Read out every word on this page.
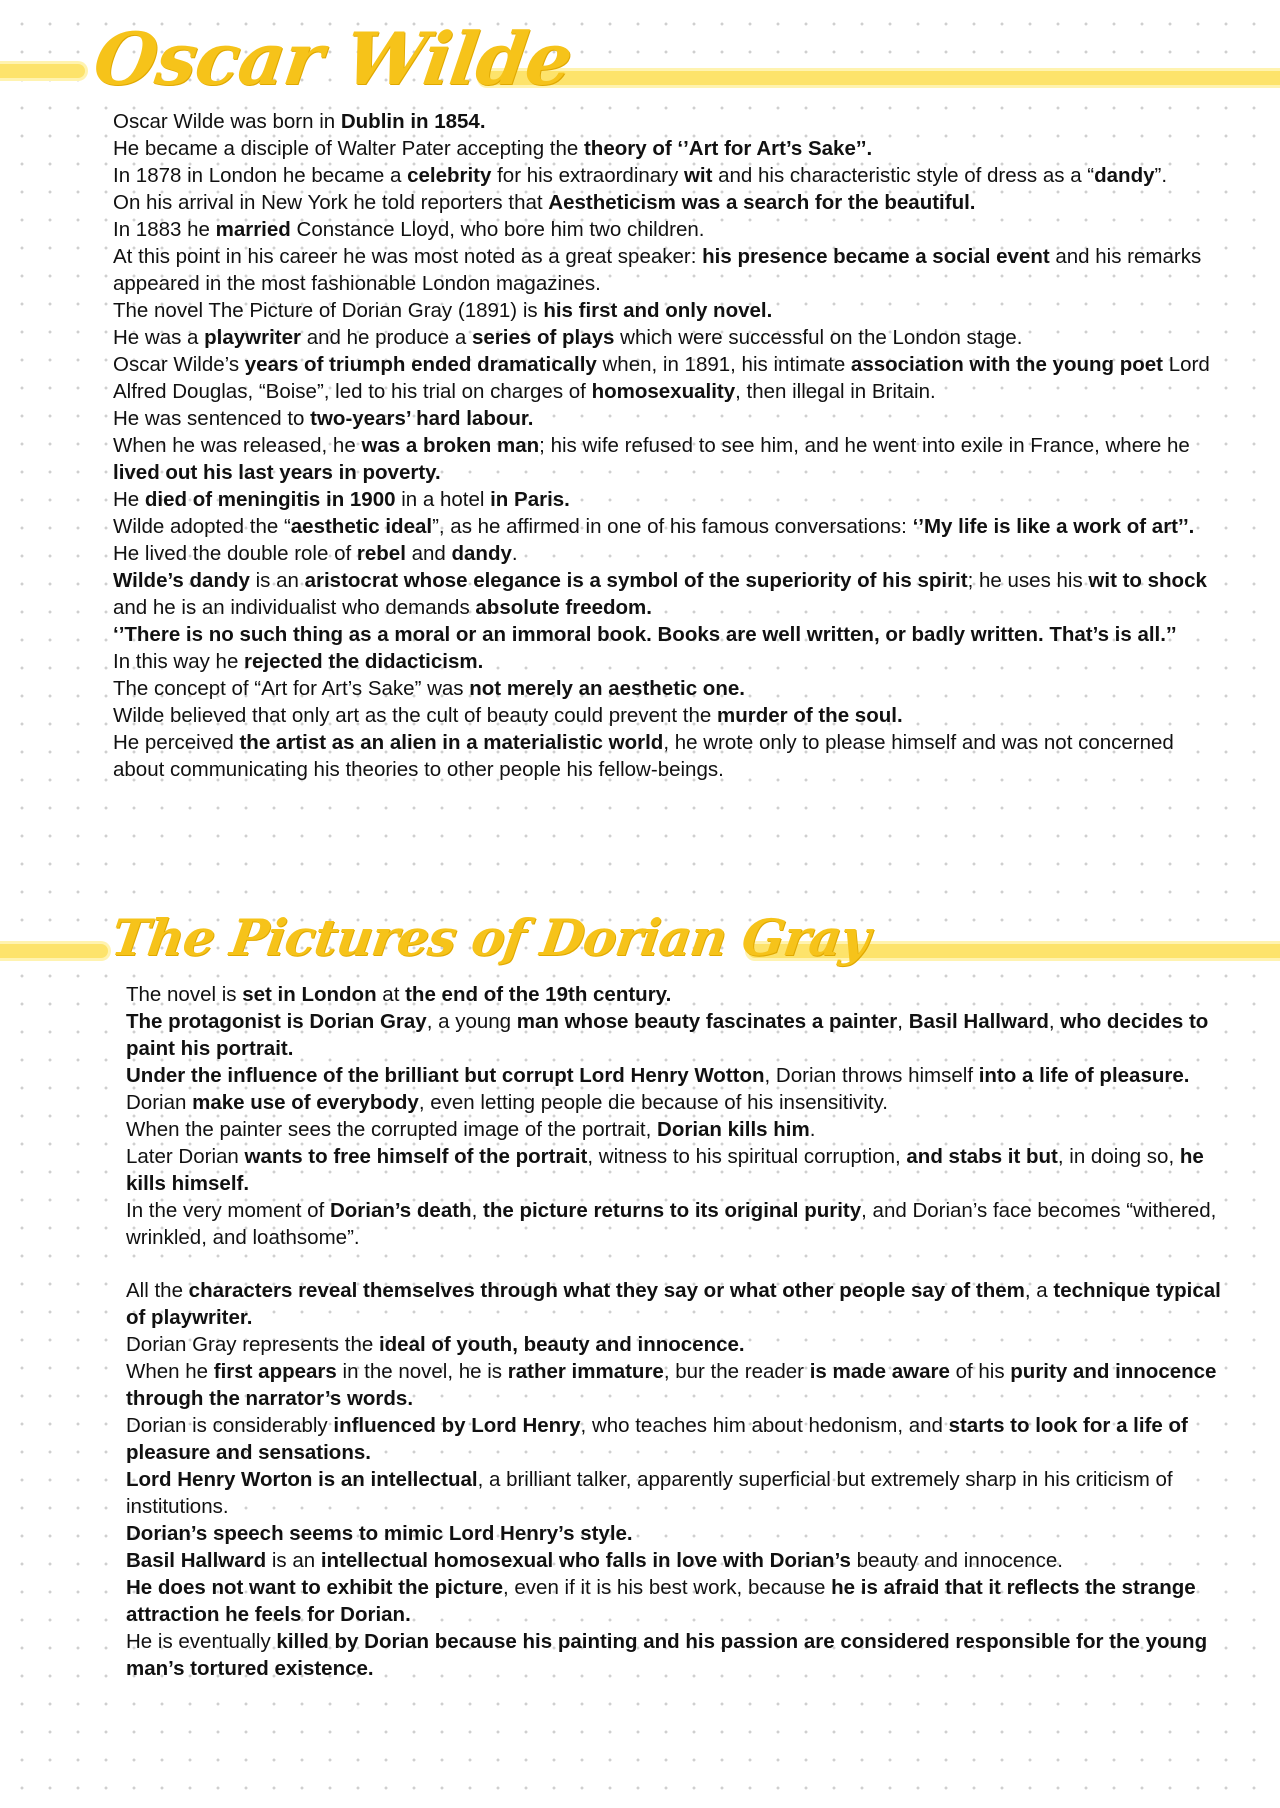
Oscar Wilde

Oscar Wilde was born in Dublin in 1854.

He became a disciple of Walter Pater accepting the theory of ‘’Art for Art’s Sake’’.

In 1878 in London he became a celebrity for his extraordinary wit and his characteristic style of dress as a “dandy”.

On his arrival in New York he told reporters that Aestheticism was a search for the beautiful.

In 1883 he married Constance Lloyd, who bore him two children.

At this point in his career he was most noted as a great speaker: his presence became a social event and his remarks appeared in the most fashionable London magazines.

The novel The Picture of Dorian Gray (1891) is his first and only novel.

He was a playwriter and he produce a series of plays which were successful on the London stage.

Oscar Wilde’s years of triumph ended dramatically when, in 1891, his intimate association with the young poet Lord Alfred Douglas, “Boise”, led to his trial on charges of homosexuality, then illegal in Britain.

He was sentenced to two-years’ hard labour.

When he was released, he was a broken man; his wife refused to see him, and he went into exile in France, where he lived out his last years in poverty.

He died of meningitis in 1900 in a hotel in Paris.

Wilde adopted the “aesthetic ideal”, as he affirmed in one of his famous conversations: ‘’My life is like a work of art’’.

He lived the double role of rebel and dandy.

Wilde’s dandy is an aristocrat whose elegance is a symbol of the superiority of his spirit; he uses his wit to shock and he is an individualist who demands absolute freedom.

‘’There is no such thing as a moral or an immoral book. Books are well written, or badly written. That’s is all.’’

In this way he rejected the didacticism.

The concept of “Art for Art’s Sake” was not merely an aesthetic one.

Wilde believed that only art as the cult of beauty could prevent the murder of the soul.

He perceived the artist as an alien in a materialistic world, he wrote only to please himself and was not concerned about communicating his theories to other people his fellow-beings.

The Pictures of Dorian Gray

The novel is set in London at the end of the 19th century.

The protagonist is Dorian Gray, a young man whose beauty fascinates a painter, Basil Hallward, who decides to paint his portrait.

Under the influence of the brilliant but corrupt Lord Henry Wotton, Dorian throws himself into a life of pleasure.

Dorian make use of everybody, even letting people die because of his insensitivity.

When the painter sees the corrupted image of the portrait, Dorian kills him.

Later Dorian wants to free himself of the portrait, witness to his spiritual corruption, and stabs it but, in doing so, he kills himself.

In the very moment of Dorian’s death, the picture returns to its original purity, and Dorian’s face becomes “withered, wrinkled, and loathsome”.

All the characters reveal themselves through what they say or what other people say of them, a technique typical of playwriter.

Dorian Gray represents the ideal of youth, beauty and innocence.

When he first appears in the novel, he is rather immature, bur the reader is made aware of his purity and innocence through the narrator’s words.

Dorian is considerably influenced by Lord Henry, who teaches him about hedonism, and starts to look for a life of pleasure and sensations.

Lord Henry Worton is an intellectual, a brilliant talker, apparently superficial but extremely sharp in his criticism of institutions.

Dorian’s speech seems to mimic Lord Henry’s style.

Basil Hallward is an intellectual homosexual who falls in love with Dorian’s beauty and innocence.

He does not want to exhibit the picture, even if it is his best work, because he is afraid that it reflects the strange attraction he feels for Dorian.

He is eventually killed by Dorian because his painting and his passion are considered responsible for the young man’s tortured existence.
